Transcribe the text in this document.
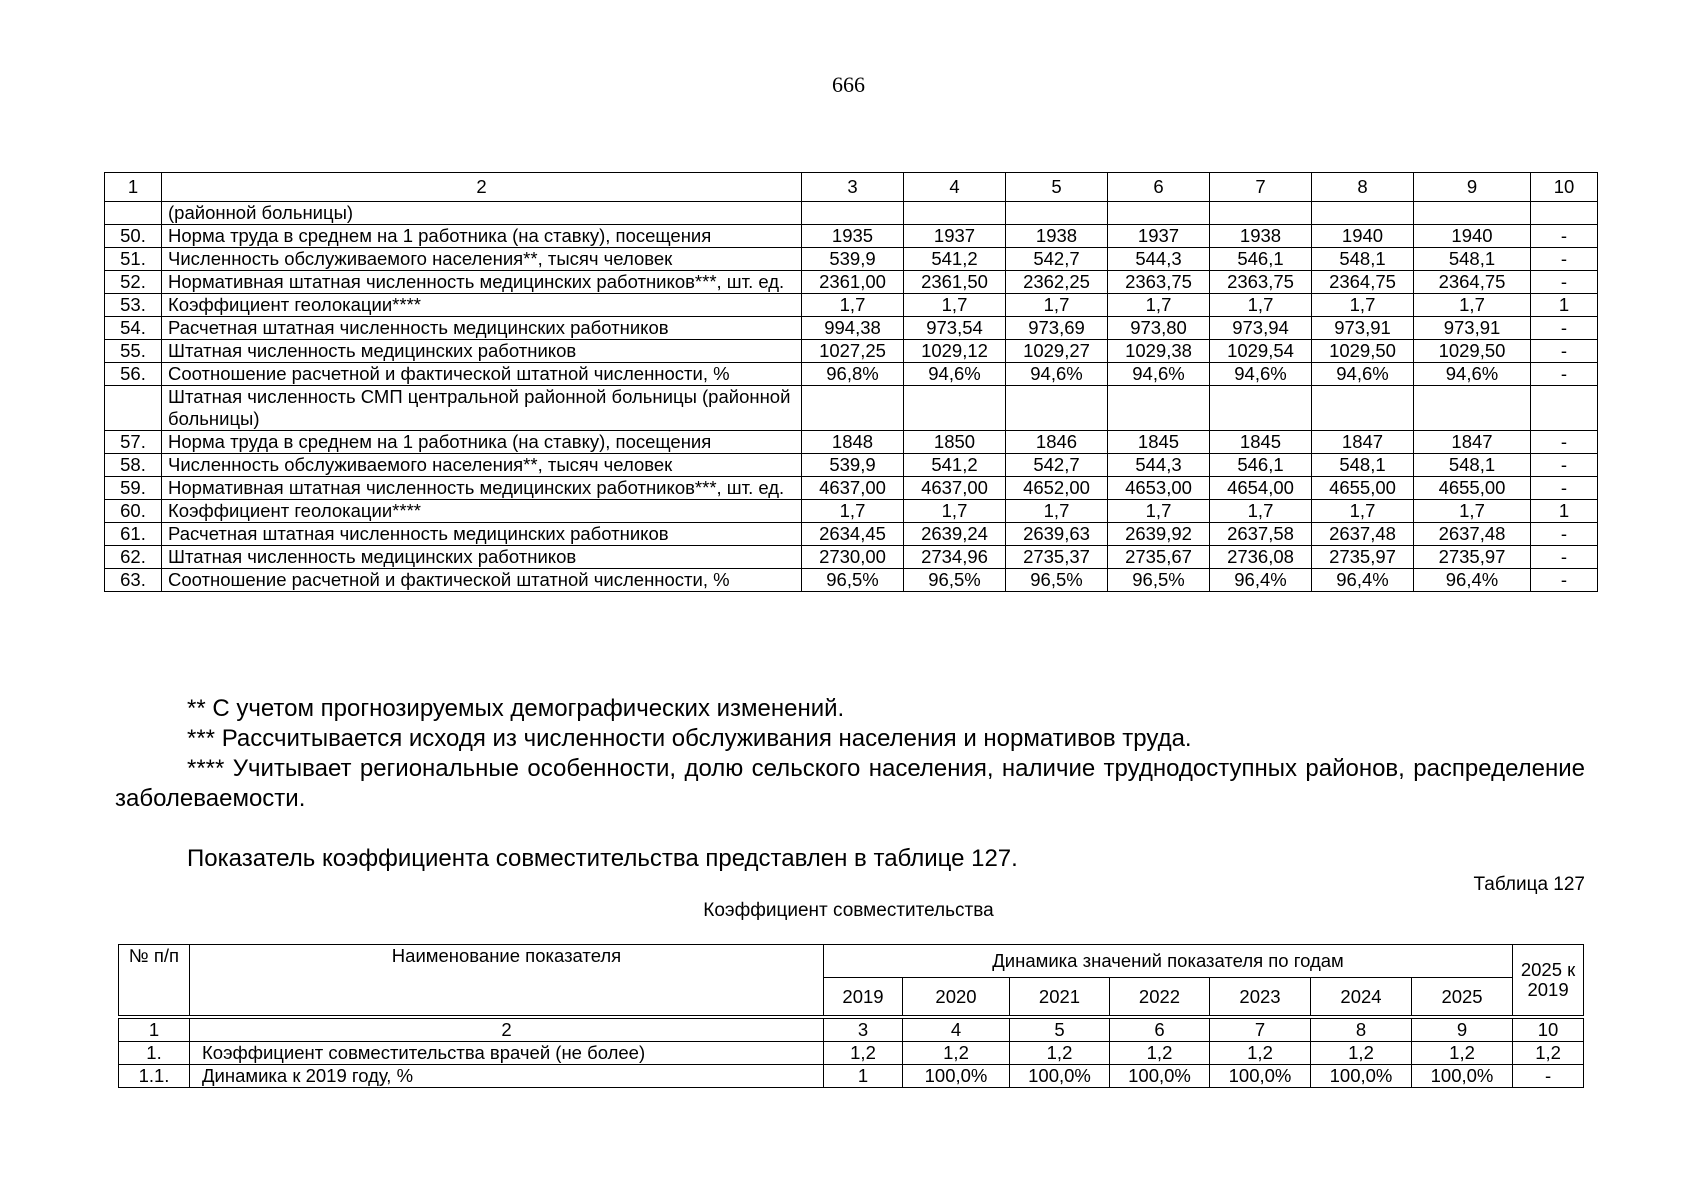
666
1	2	3	4	5	6	7	8	9	10
	(районной больницы)								
50.	Норма труда в среднем на 1 работника (на ставку), посещения	1935	1937	1938	1937	1938	1940	1940	-
51.	Численность обслуживаемого населения**, тысяч человек	539,9	541,2	542,7	544,3	546,1	548,1	548,1	-
52.	Нормативная штатная численность медицинских работников***, шт. ед.	2361,00	2361,50	2362,25	2363,75	2363,75	2364,75	2364,75	-
53.	Коэффициент геолокации****	1,7	1,7	1,7	1,7	1,7	1,7	1,7	1
54.	Расчетная штатная численность медицинских работников	994,38	973,54	973,69	973,80	973,94	973,91	973,91	-
55.	Штатная численность медицинских работников	1027,25	1029,12	1029,27	1029,38	1029,54	1029,50	1029,50	-
56.	Соотношение расчетной и фактической штатной численности, %	96,8%	94,6%	94,6%	94,6%	94,6%	94,6%	94,6%	-
	Штатная численность СМП центральной районной больницы (районной больницы)								
57.	Норма труда в среднем на 1 работника (на ставку), посещения	1848	1850	1846	1845	1845	1847	1847	-
58.	Численность обслуживаемого населения**, тысяч человек	539,9	541,2	542,7	544,3	546,1	548,1	548,1	-
59.	Нормативная штатная численность медицинских работников***, шт. ед.	4637,00	4637,00	4652,00	4653,00	4654,00	4655,00	4655,00	-
60.	Коэффициент геолокации****	1,7	1,7	1,7	1,7	1,7	1,7	1,7	1
61.	Расчетная штатная численность медицинских работников	2634,45	2639,24	2639,63	2639,92	2637,58	2637,48	2637,48	-
62.	Штатная численность медицинских работников	2730,00	2734,96	2735,37	2735,67	2736,08	2735,97	2735,97	-
63.	Соотношение расчетной и фактической штатной численности, %	96,5%	96,5%	96,5%	96,5%	96,4%	96,4%	96,4%	-

** С учетом прогнозируемых демографических изменений.

*** Рассчитывается исходя из численности обслуживания населения и нормативов труда.

**** Учитывает региональные особенности, долю сельского населения, наличие труднодоступных районов, распределение заболеваемости.

Показатель коэффициента совместительства представлен в таблице 127.
Таблица 127
Коэффициент совместительства
№ п/п	Наименование показателя	Динамика значений показателя по годам							2025 к 2019
		2019	2020	2021	2022	2023	2024	2025	

1	2	3	4	5	6	7	8	9	10
1.	Коэффициент совместительства врачей (не более)	1,2	1,2	1,2	1,2	1,2	1,2	1,2	1,2
1.1.	Динамика к 2019 году, %	1	100,0%	100,0%	100,0%	100,0%	100,0%	100,0%	-
